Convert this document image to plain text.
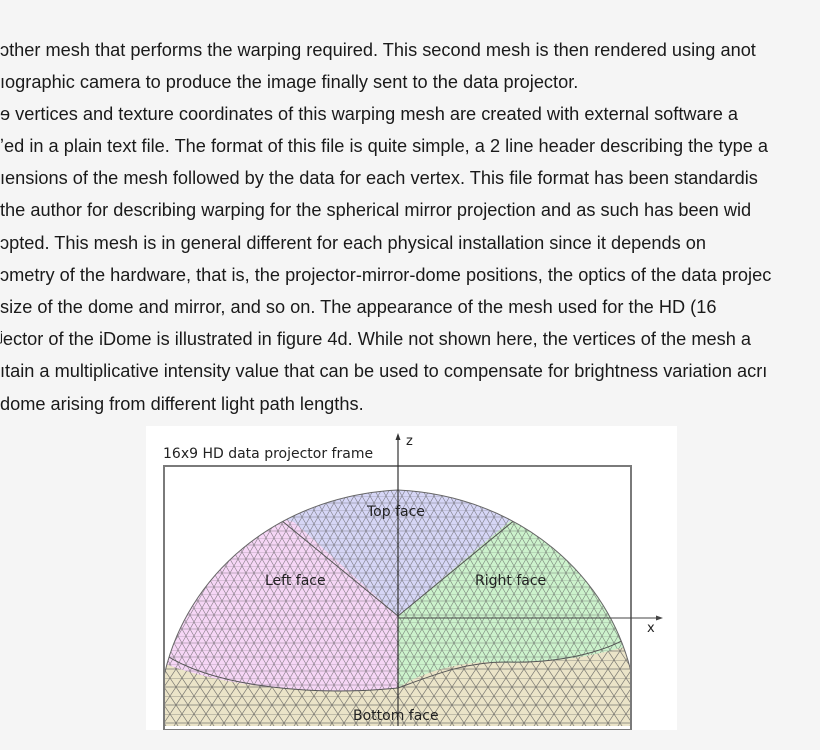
ɔther mesh that performs the warping required. This second mesh is then rendered using anot
ıographic camera to produce the image finally sent to the data projector.
ɘ vertices and texture coordinates of this warping mesh are created with external software a
ʼed in a plain text file. The format of this file is quite simple, a 2 line header describing the type a
ıensions of the mesh followed by the data for each vertex. This file format has been standardis
the author for describing warping for the spherical mirror projection and as such has been wid
ɔpted. This mesh is in general different for each physical installation since it depends on
ɔmetry of the hardware, that is, the projector-mirror-dome positions, the optics of the data projec
size of the dome and mirror, and so on. The appearance of the mesh used for the HD (16
ʲector of the iDome is illustrated in figure 4d. While not shown here, the vertices of the mesh a
ıtain a multiplicative intensity value that can be used to compensate for brightness variation acrı
dome arising from different light path lengths.
16x9 HD data projector frame
z
x
Top face
Left face	Right face
Bottom face
